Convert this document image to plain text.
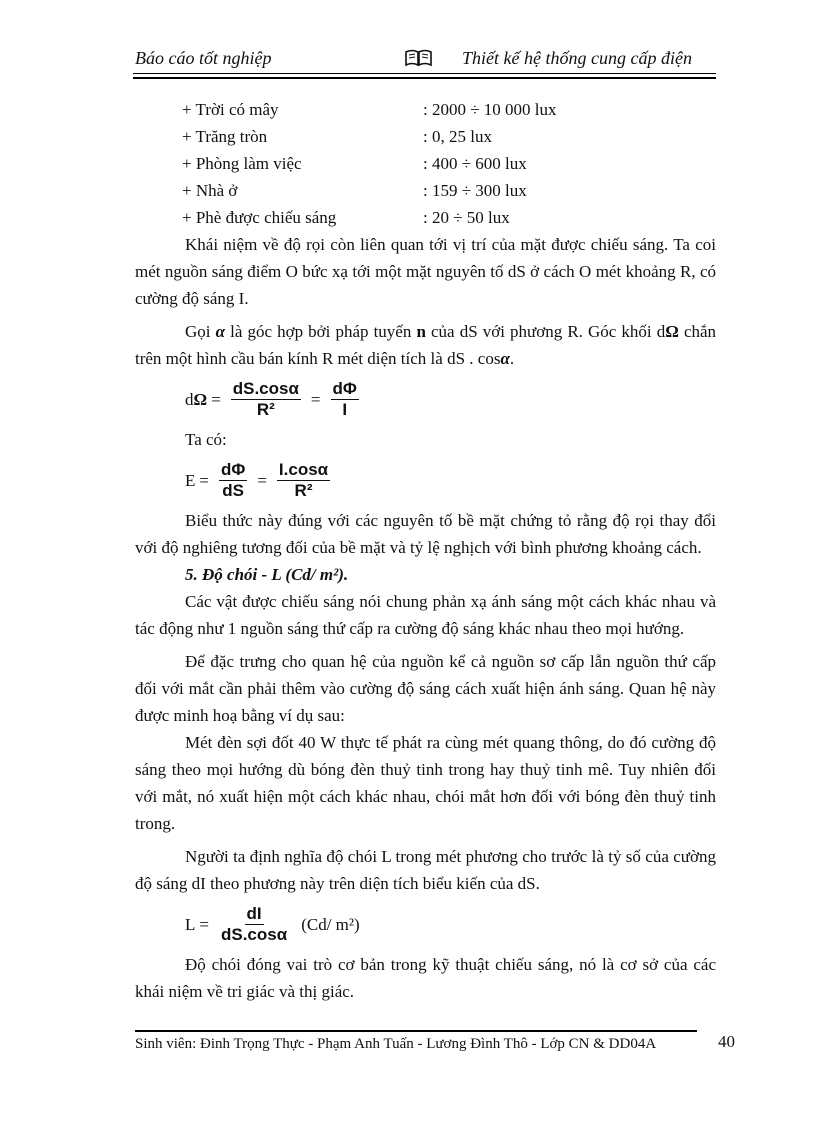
Báo cáo tốt nghiệp	Thiết kế hệ thống cung cấp điện
+ Trời có mây	: 2000 ÷ 10 000 lux
+ Trăng tròn	: 0, 25 lux
+ Phòng làm việc	: 400 ÷ 600 lux
+ Nhà ở	: 159 ÷ 300 lux
+ Phè được chiếu sáng	: 20 ÷ 50 lux

Khái niệm về độ rọi còn liên quan tới vị trí của mặt được chiếu sáng. Ta coi mét nguồn sáng điểm O bức xạ tới một mặt nguyên tố dS ở cách O mét khoảng R, có cường độ sáng I.

Gọi α là góc hợp bởi pháp tuyến n của dS với phương R. Góc khối dΩ chắn trên một hình cầu bán kính R mét diện tích là dS . cosα.

$d\Omega = \frac{dS.\cos\alpha}{\text{R²}} = \frac{d\Phi}{I}$

Ta có:

$E = \frac{d\Phi}{dS} = \frac{I.\cos\alpha}{\text{R²}}$

Biểu thức này đúng với các nguyên tố bề mặt chứng tỏ rằng độ rọi thay đổi với độ nghiêng tương đối của bề mặt và tỷ lệ nghịch với bình phương khoảng cách.

5. Độ chói - L (Cd/ m²).

Các vật được chiếu sáng nói chung phản xạ ánh sáng một cách khác nhau và tác động như 1 nguồn sáng thứ cấp ra cường độ sáng khác nhau theo mọi hướng.

Để đặc trưng cho quan hệ của nguồn kể cả nguồn sơ cấp lẫn nguồn thứ cấp đối với mắt cần phải thêm vào cường độ sáng cách xuất hiện ánh sáng. Quan hệ này được minh hoạ bằng ví dụ sau:

Mét đèn sợi đốt 40 W thực tế phát ra cùng mét quang thông, do đó cường độ sáng theo mọi hướng dù bóng đèn thuỷ tinh trong hay thuỷ tinh mê. Tuy nhiên đối với mắt, nó xuất hiện một cách khác nhau, chói mắt hơn đối với bóng đèn thuỷ tinh trong.

Người ta định nghĩa độ chói L trong mét phương cho trước là tỷ số của cường độ sáng dI theo phương này trên diện tích biểu kiến của dS.

$L = \frac{dI}{dS.\cos\alpha} (Cd/$ m²)

Độ chói đóng vai trò cơ bản trong kỹ thuật chiếu sáng, nó là cơ sở của các khái niệm về tri giác và thị giác.

Sinh viên: Đinh Trọng Thực - Phạm Anh Tuấn - Lương Đình Thô - Lớp CN & DD04A	40
